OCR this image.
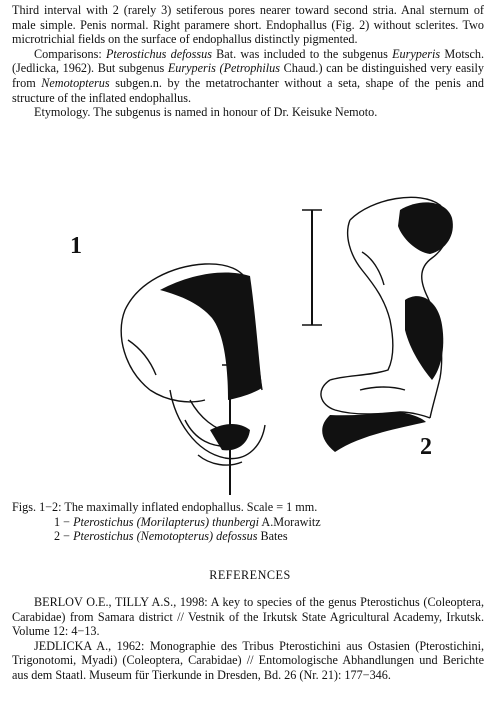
Third interval with 2 (rarely 3) setiferous pores nearer toward second stria. Anal sternum of male simple. Penis normal. Right paramere short. Endophallus (Fig. 2) without sclerites. Two microtrichial fields on the surface of endophallus distinctly pigmented.

Comparisons: Pterostichus defossus Bat. was included to the subgenus Euryperis Motsch. (Jedlicka, 1962). But subgenus Euryperis (Petrophilus Chaud.) can be distinguished very easily from Nemotopterus subgen.n. by the metatrochanter without a seta, shape of the penis and structure of the inflated endophallus.

Etymology. The subgenus is named in honour of Dr. Keisuke Nemoto.

1
2
Figs. 1−2: The maximally inflated endophallus. Scale = 1 mm.
1 − Pterostichus (Morilapterus) thunbergi A.Morawitz
2 − Pterostichus (Nemotopterus) defossus Bates
REFERENCES

BERLOV O.E., TILLY A.S., 1998: A key to species of the genus Pterostichus (Coleoptera, Carabidae) from Samara district // Vestnik of the Irkutsk State Agricultural Academy, Irkutsk. Volume 12: 4−13.

JEDLICKA A., 1962: Monographie des Tribus Pterostichini aus Ostasien (Pterostichini, Trigonotomi, Myadi) (Coleoptera, Carabidae) // Entomologische Abhandlungen und Berichte aus dem Staatl. Museum für Tierkunde in Dresden, Bd. 26 (Nr. 21): 177−346.
